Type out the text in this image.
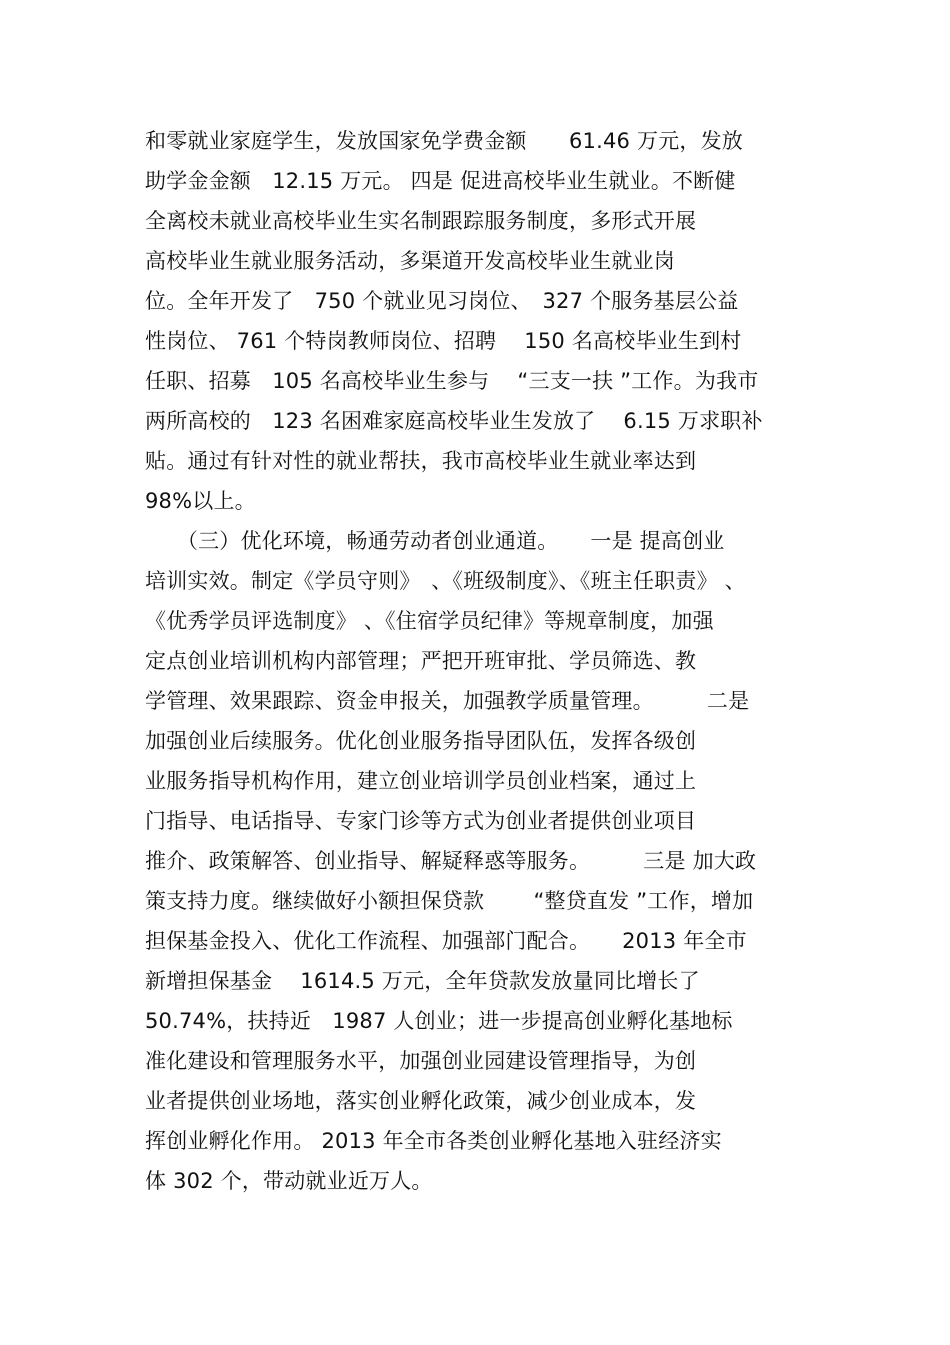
和零就业家庭学生，发放国家免学费金额　　61.46 万元，发放
助学金金额　12.15 万元。 四是 促进高校毕业生就业。不断健
全离校未就业高校毕业生实名制跟踪服务制度，多形式开展
高校毕业生就业服务活动，多渠道开发高校毕业生就业岗
位。全年开发了　750 个就业见习岗位、　327 个服务基层公益
性岗位、 761 个特岗教师岗位、招聘　 150 名高校毕业生到村
任职、招募　105 名高校毕业生参与　 “三支一扶 ”工作。为我市
两所高校的　123 名困难家庭高校毕业生发放了　 6.15 万求职补
贴。通过有针对性的就业帮扶，我市高校毕业生就业率达到
98%以上。
　　（三）优化环境，畅通劳动者创业通道。　　一是 提高创业
培训实效。制定《学员守则》　、《班级制度》、《班主任职责》 、
《优秀学员评选制度》 、《住宿学员纪律》等规章制度，加强
定点创业培训机构内部管理；严把开班审批、学员筛选、教
学管理、效果跟踪、资金申报关，加强教学质量管理。　　　二是
加强创业后续服务。优化创业服务指导团队伍，发挥各级创
业服务指导机构作用，建立创业培训学员创业档案，通过上
门指导、电话指导、专家门诊等方式为创业者提供创业项目
推介、政策解答、创业指导、解疑释惑等服务。　　　三是 加大政
策支持力度。继续做好小额担保贷款　　 “整贷直发 ”工作，增加
担保基金投入、优化工作流程、加强部门配合。　　2013 年全市
新增担保基金　 1614.5 万元，全年贷款发放量同比增长了
50.74%，扶持近　1987 人创业；进一步提高创业孵化基地标
准化建设和管理服务水平，加强创业园建设管理指导，为创
业者提供创业场地，落实创业孵化政策，减少创业成本，发
挥创业孵化作用。 2013 年全市各类创业孵化基地入驻经济实
体 302 个，带动就业近万人。
